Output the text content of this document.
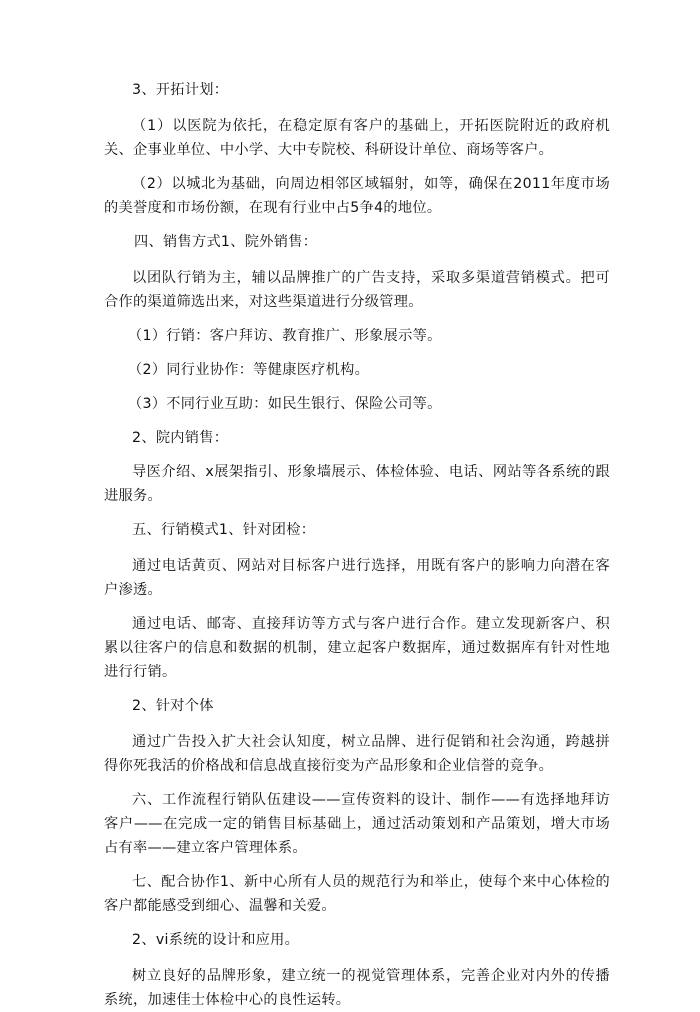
3、开拓计划：

（1）以医院为依托，在稳定原有客户的基础上，开拓医院附近的政府机关、企事业单位、中小学、大中专院校、科研设计单位、商场等客户。

（2）以城北为基础，向周边相邻区域辐射，如等，确保在2011年度市场的美誉度和市场份额，在现有行业中占5争4的地位。

四、销售方式1、院外销售：

以团队行销为主，辅以品牌推广的广告支持，采取多渠道营销模式。把可合作的渠道筛选出来，对这些渠道进行分级管理。

（1）行销：客户拜访、教育推广、形象展示等。

（2）同行业协作：等健康医疗机构。

（3）不同行业互助：如民生银行、保险公司等。

2、院内销售：

导医介绍、x展架指引、形象墙展示、体检体验、电话、网站等各系统的跟进服务。

五、行销模式1、针对团检：

通过电话黄页、网站对目标客户进行选择，用既有客户的影响力向潜在客户渗透。

通过电话、邮寄、直接拜访等方式与客户进行合作。建立发现新客户、积累以往客户的信息和数据的机制，建立起客户数据库，通过数据库有针对性地进行行销。

2、针对个体

通过广告投入扩大社会认知度，树立品牌、进行促销和社会沟通，跨越拼得你死我活的价格战和信息战直接衍变为产品形象和企业信誉的竞争。

六、工作流程行销队伍建设——宣传资料的设计、制作——有选择地拜访客户——在完成一定的销售目标基础上，通过活动策划和产品策划，增大市场占有率——建立客户管理体系。

七、配合协作1、新中心所有人员的规范行为和举止，使每个来中心体检的客户都能感受到细心、温馨和关爱。

2、vi系统的设计和应用。

树立良好的品牌形象，建立统一的视觉管理体系，完善企业对内外的传播系统，加速佳士体检中心的良性运转。
